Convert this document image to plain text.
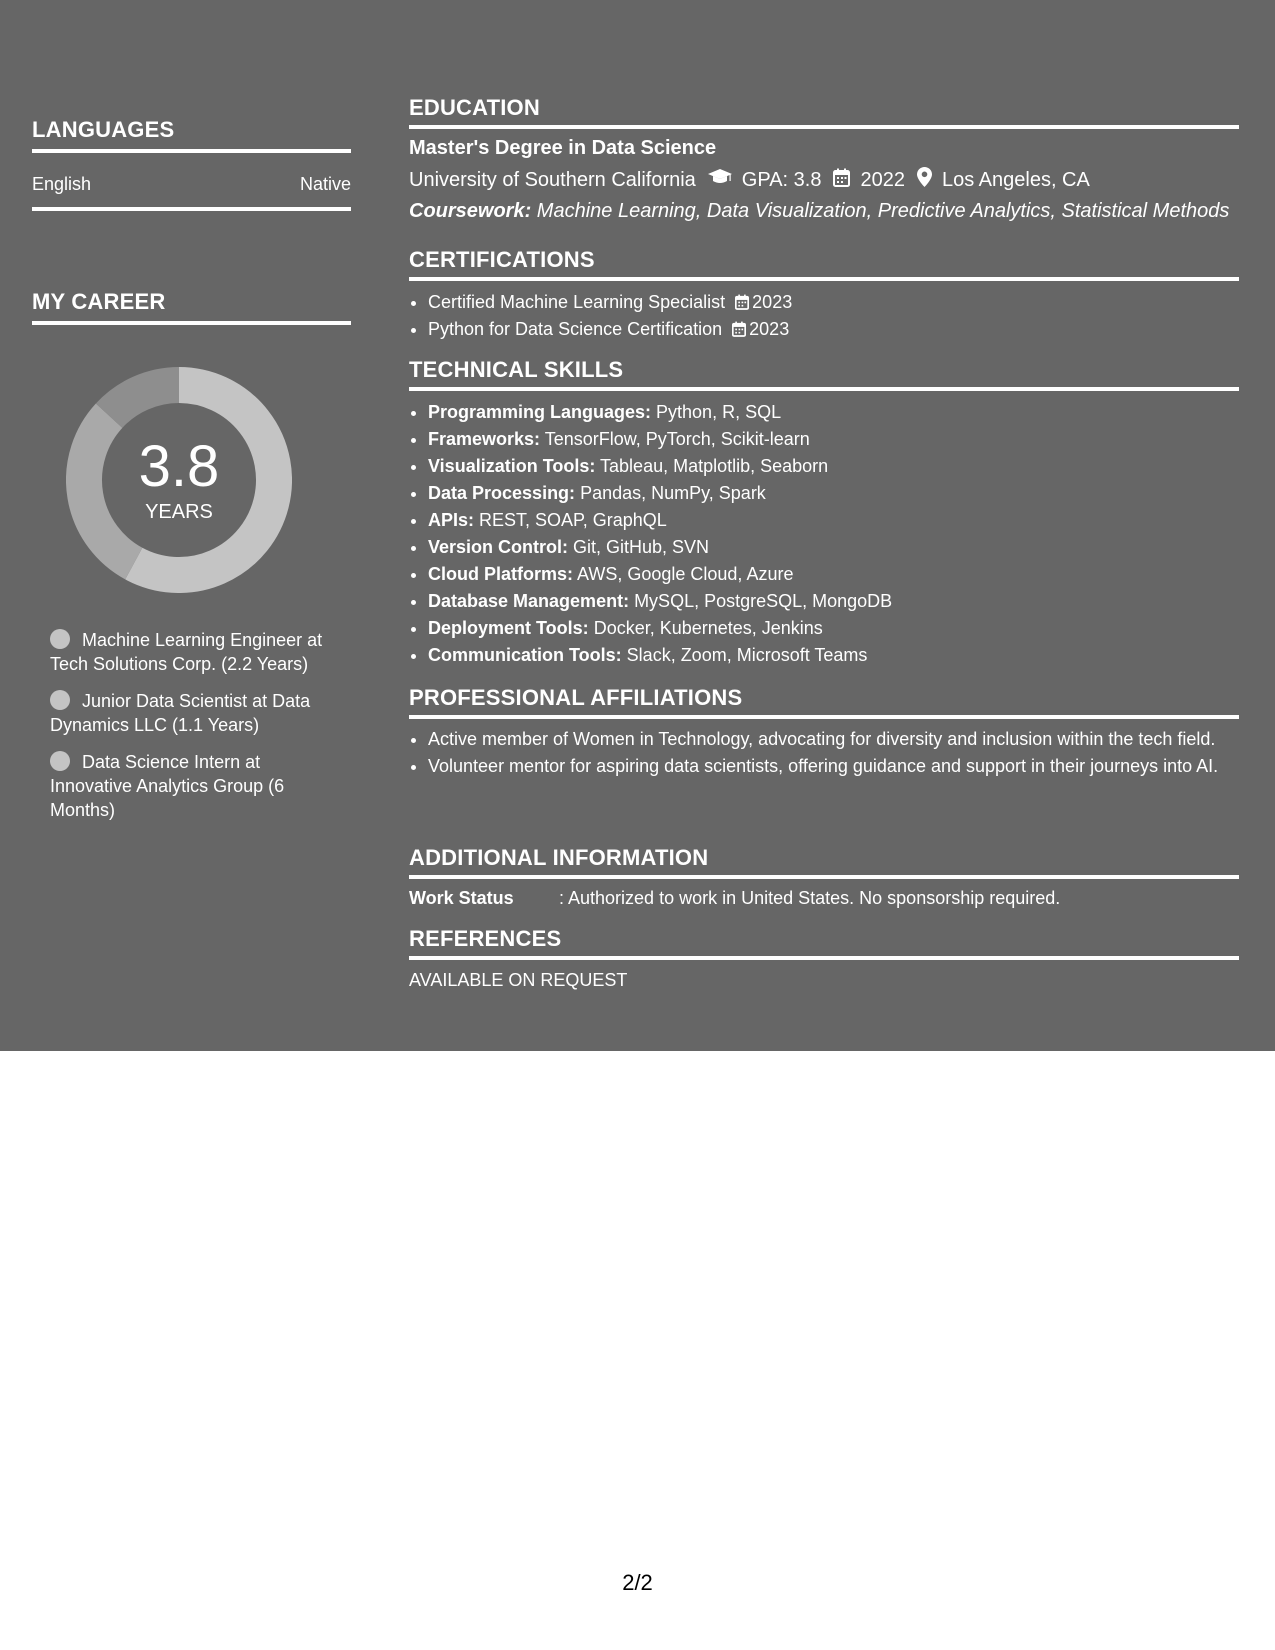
LANGUAGES
English	Native
MY CAREER
3.8
YEARS
Machine Learning Engineer at Tech Solutions Corp. (2.2 Years)
Junior Data Scientist at Data Dynamics LLC (1.1 Years)
Data Science Intern at Innovative Analytics Group (6 Months)
EDUCATION
Master's Degree in Data Science
University of Southern California GPA: 3.8 2022 Los Angeles, CA
Coursework: Machine Learning, Data Visualization, Predictive Analytics, Statistical Methods
CERTIFICATIONS
• Certified Machine Learning Specialist 2023
• Python for Data Science Certification 2023
TECHNICAL SKILLS
• Programming Languages: Python, R, SQL
• Frameworks: TensorFlow, PyTorch, Scikit-learn
• Visualization Tools: Tableau, Matplotlib, Seaborn
• Data Processing: Pandas, NumPy, Spark
• APIs: REST, SOAP, GraphQL
• Version Control: Git, GitHub, SVN
• Cloud Platforms: AWS, Google Cloud, Azure
• Database Management: MySQL, PostgreSQL, MongoDB
• Deployment Tools: Docker, Kubernetes, Jenkins
• Communication Tools: Slack, Zoom, Microsoft Teams
PROFESSIONAL AFFILIATIONS
• Active member of Women in Technology, advocating for diversity and inclusion within the tech field.
• Volunteer mentor for aspiring data scientists, offering guidance and support in their journeys into AI.
ADDITIONAL INFORMATION
Work Status	: Authorized to work in United States. No sponsorship required.
REFERENCES
AVAILABLE ON REQUEST
2/2
